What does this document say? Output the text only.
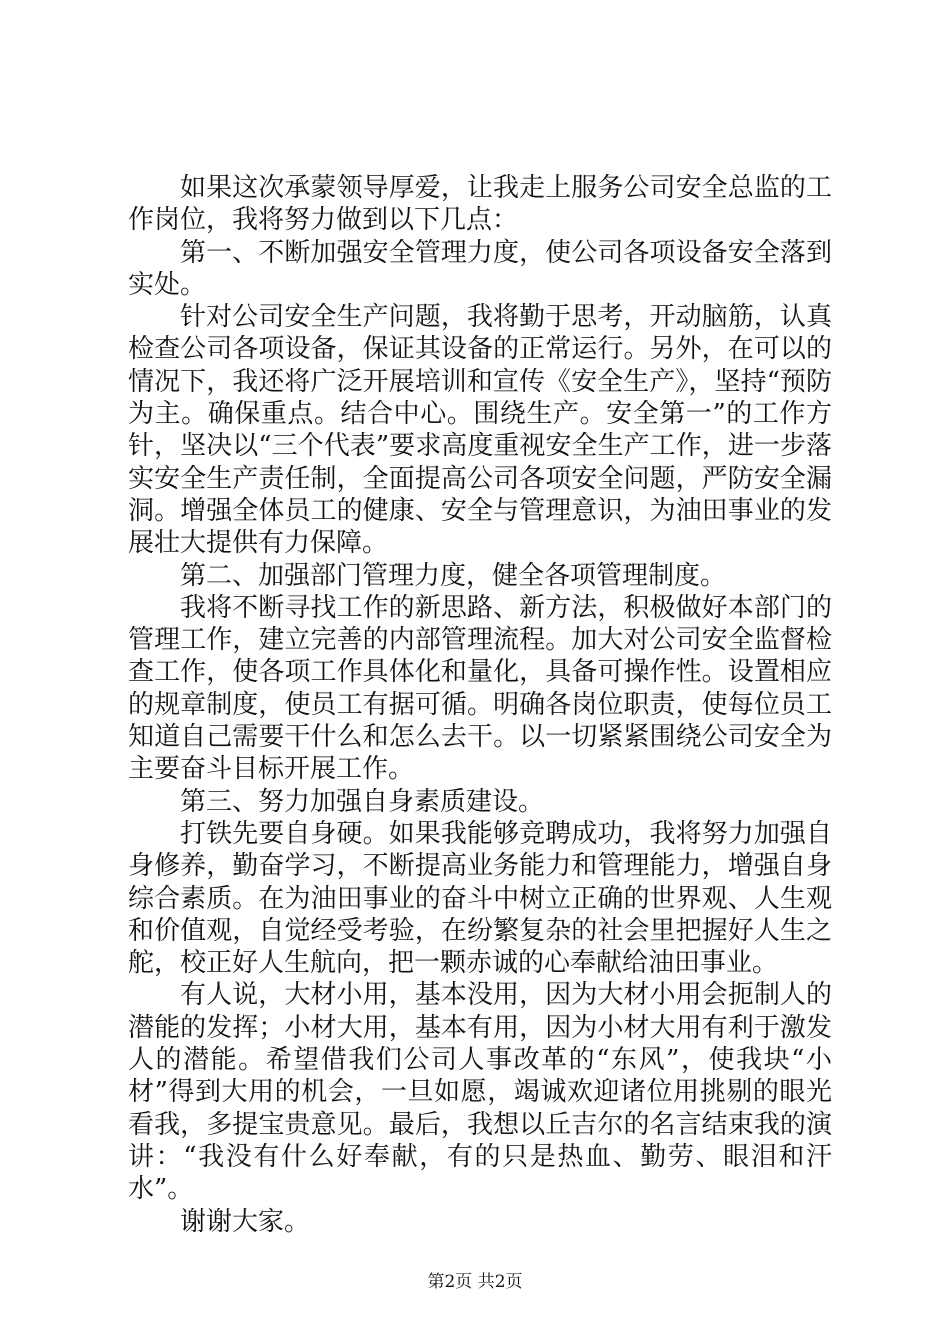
如果这次承蒙领导厚爱，让我走上服务公司安全总监的工作岗位，我将努力做到以下几点：

第一、不断加强安全管理力度，使公司各项设备安全落到实处。

针对公司安全生产问题，我将勤于思考，开动脑筋，认真检查公司各项设备，保证其设备的正常运行。另外，在可以的情况下，我还将广泛开展培训和宣传《安全生产》，坚持“预防为主。确保重点。结合中心。围绕生产。安全第一”的工作方针，坚决以“三个代表”要求高度重视安全生产工作，进一步落实安全生产责任制，全面提高公司各项安全问题，严防安全漏洞。增强全体员工的健康、安全与管理意识，为油田事业的发展壮大提供有力保障。

第二、加强部门管理力度，健全各项管理制度。

我将不断寻找工作的新思路、新方法，积极做好本部门的管理工作，建立完善的内部管理流程。加大对公司安全监督检查工作，使各项工作具体化和量化，具备可操作性。设置相应的规章制度，使员工有据可循。明确各岗位职责，使每位员工知道自己需要干什么和怎么去干。以一切紧紧围绕公司安全为主要奋斗目标开展工作。

第三、努力加强自身素质建设。

打铁先要自身硬。如果我能够竞聘成功，我将努力加强自身修养，勤奋学习，不断提高业务能力和管理能力，增强自身综合素质。在为油田事业的奋斗中树立正确的世界观、人生观和价值观，自觉经受考验，在纷繁复杂的社会里把握好人生之舵，校正好人生航向，把一颗赤诚的心奉献给油田事业。

有人说，大材小用，基本没用，因为大材小用会扼制人的潜能的发挥；小材大用，基本有用，因为小材大用有利于激发人的潜能。希望借我们公司人事改革的“东风”，使我块“小材”得到大用的机会，一旦如愿，竭诚欢迎诸位用挑剔的眼光看我，多提宝贵意见。最后，我想以丘吉尔的名言结束我的演讲：“我没有什么好奉献，有的只是热血、勤劳、眼泪和汗水”。

谢谢大家。

第2页 共2页
